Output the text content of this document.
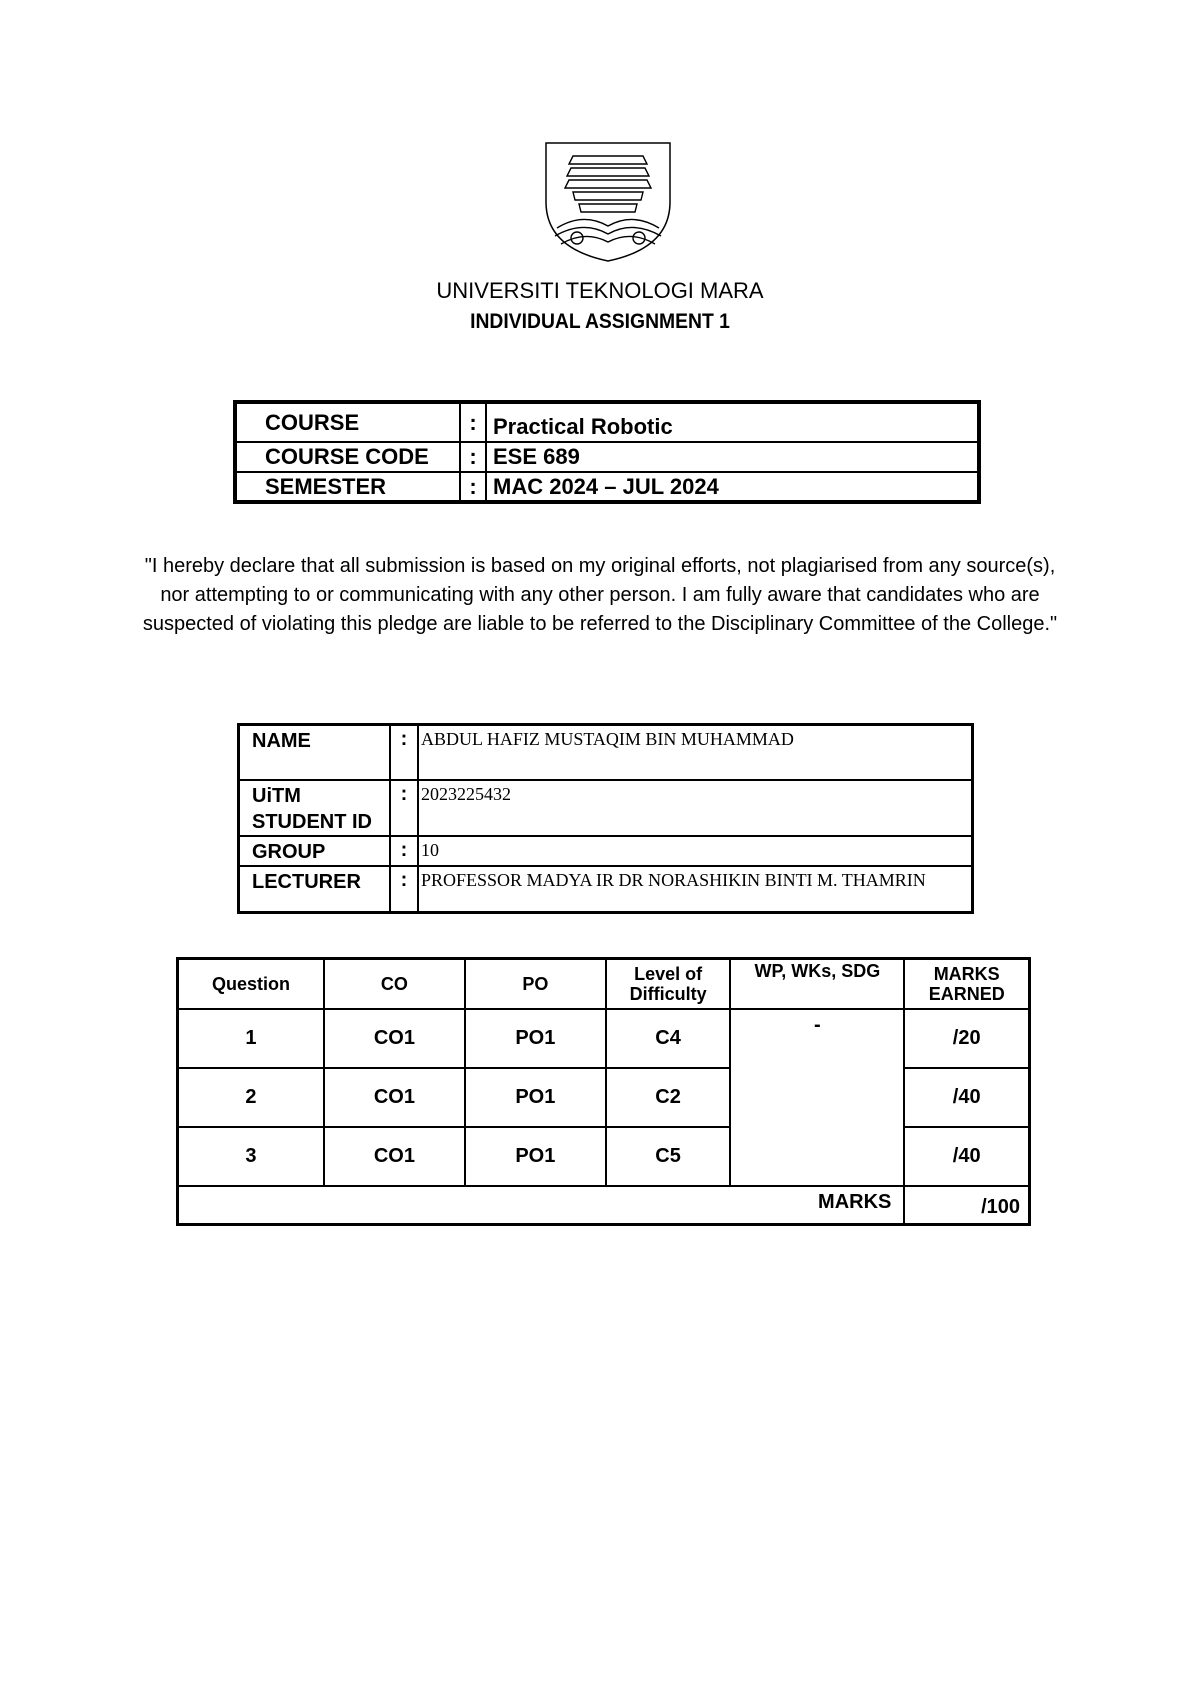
UNIVERSITI TEKNOLOGI MARA
INDIVIDUAL ASSIGNMENT 1
COURSE	:	Practical Robotic
COURSE CODE	:	ESE 689
SEMESTER	:	MAC 2024 – JUL 2024
"I hereby declare that all submission is based on my original efforts, not plagiarised from any source(s), nor attempting to or communicating with any other person. I am fully aware that candidates who are suspected of violating this pledge are liable to be referred to the Disciplinary Committee of the College."
NAME	:	ABDUL HAFIZ MUSTAQIM BIN MUHAMMAD
UiTM STUDENT ID	:	2023225432
GROUP	:	10
LECTURER	:	PROFESSOR MADYA IR DR NORASHIKIN BINTI M. THAMRIN
Question	CO	PO	Level of Difficulty	WP, WKs, SDG	MARKS EARNED
1	CO1	PO1	C4	-	/20
2	CO1	PO1	C2		/40
3	CO1	PO1	C5		/40
MARKS					/100
